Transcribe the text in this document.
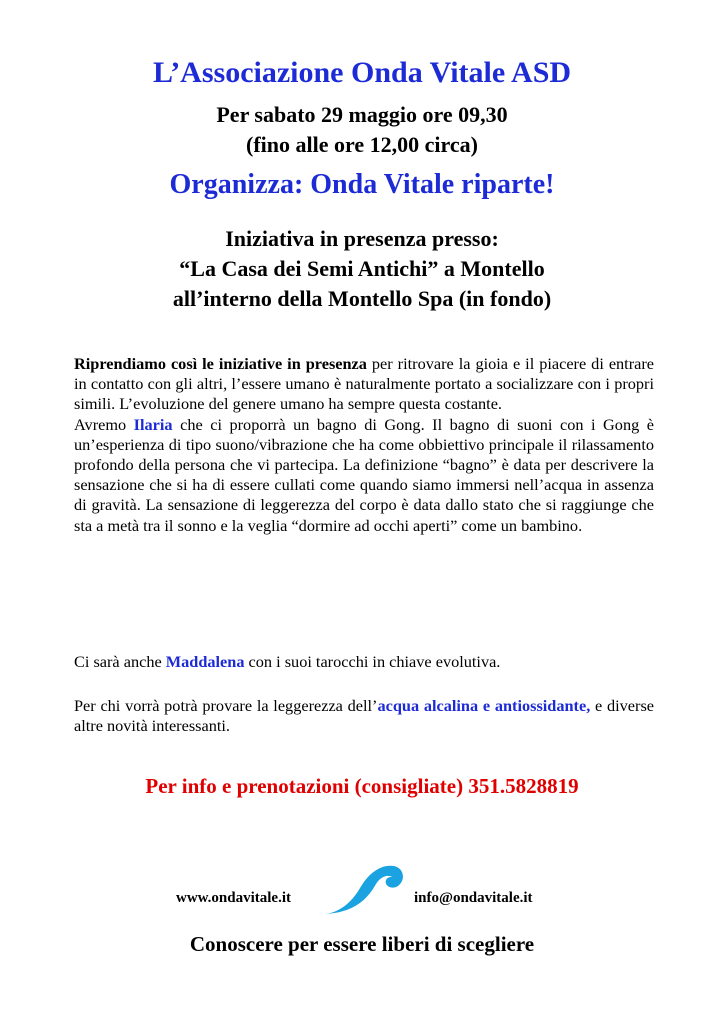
L’Associazione Onda Vitale ASD
Per sabato 29 maggio ore 09,30
(fino alle ore 12,00 circa)
Organizza: Onda Vitale riparte!
Iniziativa in presenza presso:
“La Casa dei Semi Antichi” a Montello
all’interno della Montello Spa (in fondo)

Riprendiamo così le iniziative in presenza per ritrovare la gioia e il piacere di entrare in contatto con gli altri, l’essere umano è naturalmente portato a socializzare con i propri simili. L’evoluzione del genere umano ha sempre questa costante.
Avremo Ilaria che ci proporrà un bagno di Gong. Il bagno di suoni con i Gong è un’esperienza di tipo suono/vibrazione che ha come obbiettivo principale il rilassamento profondo della persona che vi partecipa. La definizione “bagno” è data per descrivere la sensazione che si ha di essere cullati come quando siamo immersi nell’acqua in assenza di gravità. La sensazione di leggerezza del corpo è data dallo stato che si raggiunge che sta a metà tra il sonno e la veglia “dormire ad occhi aperti” come un bambino.

Ci sarà anche Maddalena con i suoi tarocchi in chiave evolutiva.

Per chi vorrà potrà provare la leggerezza dell’acqua alcalina e antiossidante, e diverse altre novità interessanti.

Per info e prenotazioni (consigliate) 351.5828819
www.ondavitale.it	info@ondavitale.it
Conoscere per essere liberi di scegliere
